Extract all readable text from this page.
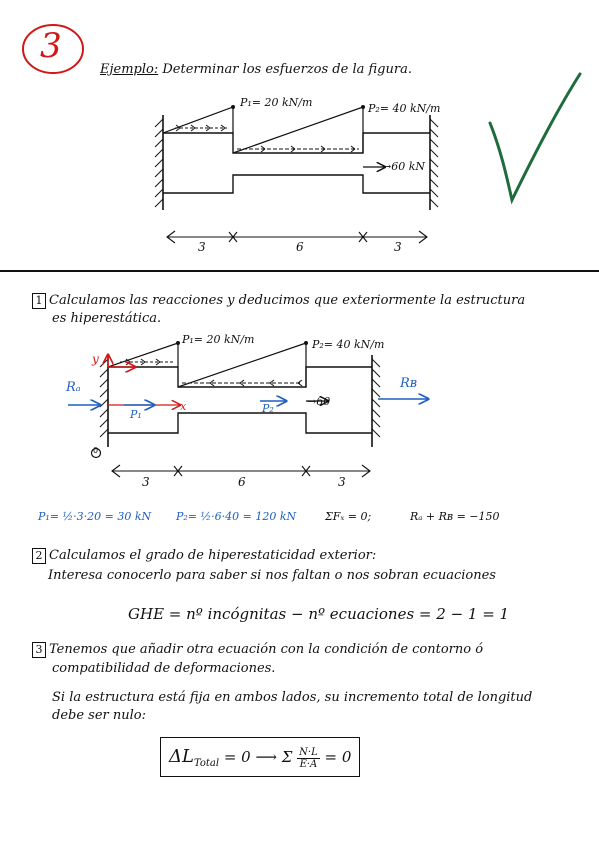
3
Ejemplo: Determinar los esfuerzos de la figura.
P₁= 20 kN/m	P₂= 40 kN/m
→60 kN
3	6	3
1 Calculamos las reacciones y deducimos que exteriormente la estructura
es hiperestática.
P₁= 20 kN/m	P₂= 40 kN/m
y
x
Rₐ	Rʙ
P₁	P₂
→60
0
3	6	3
P₁= ½·3·20 = 30 kN P₂= ½·6·40 = 120 kN	ΣFₓ = 0;	Rₐ + Rʙ = −150
2 Calculamos el grado de hiperestaticidad exterior:
Interesa conocerlo para saber si nos faltan o nos sobran ecuaciones
GHE = nº incógnitas − nº ecuaciones = 2 − 1 = 1
3 Tenemos que añadir otra ecuación con la condición de contorno ó
compatibilidad de deformaciones.
Si la estructura está fija en ambos lados, su incremento total de longitud
debe ser nulo:
$\Delta L_{Total} = 0$ ⟶ Σ $\frac{N\cdot L}{E\cdot A} = 0$
